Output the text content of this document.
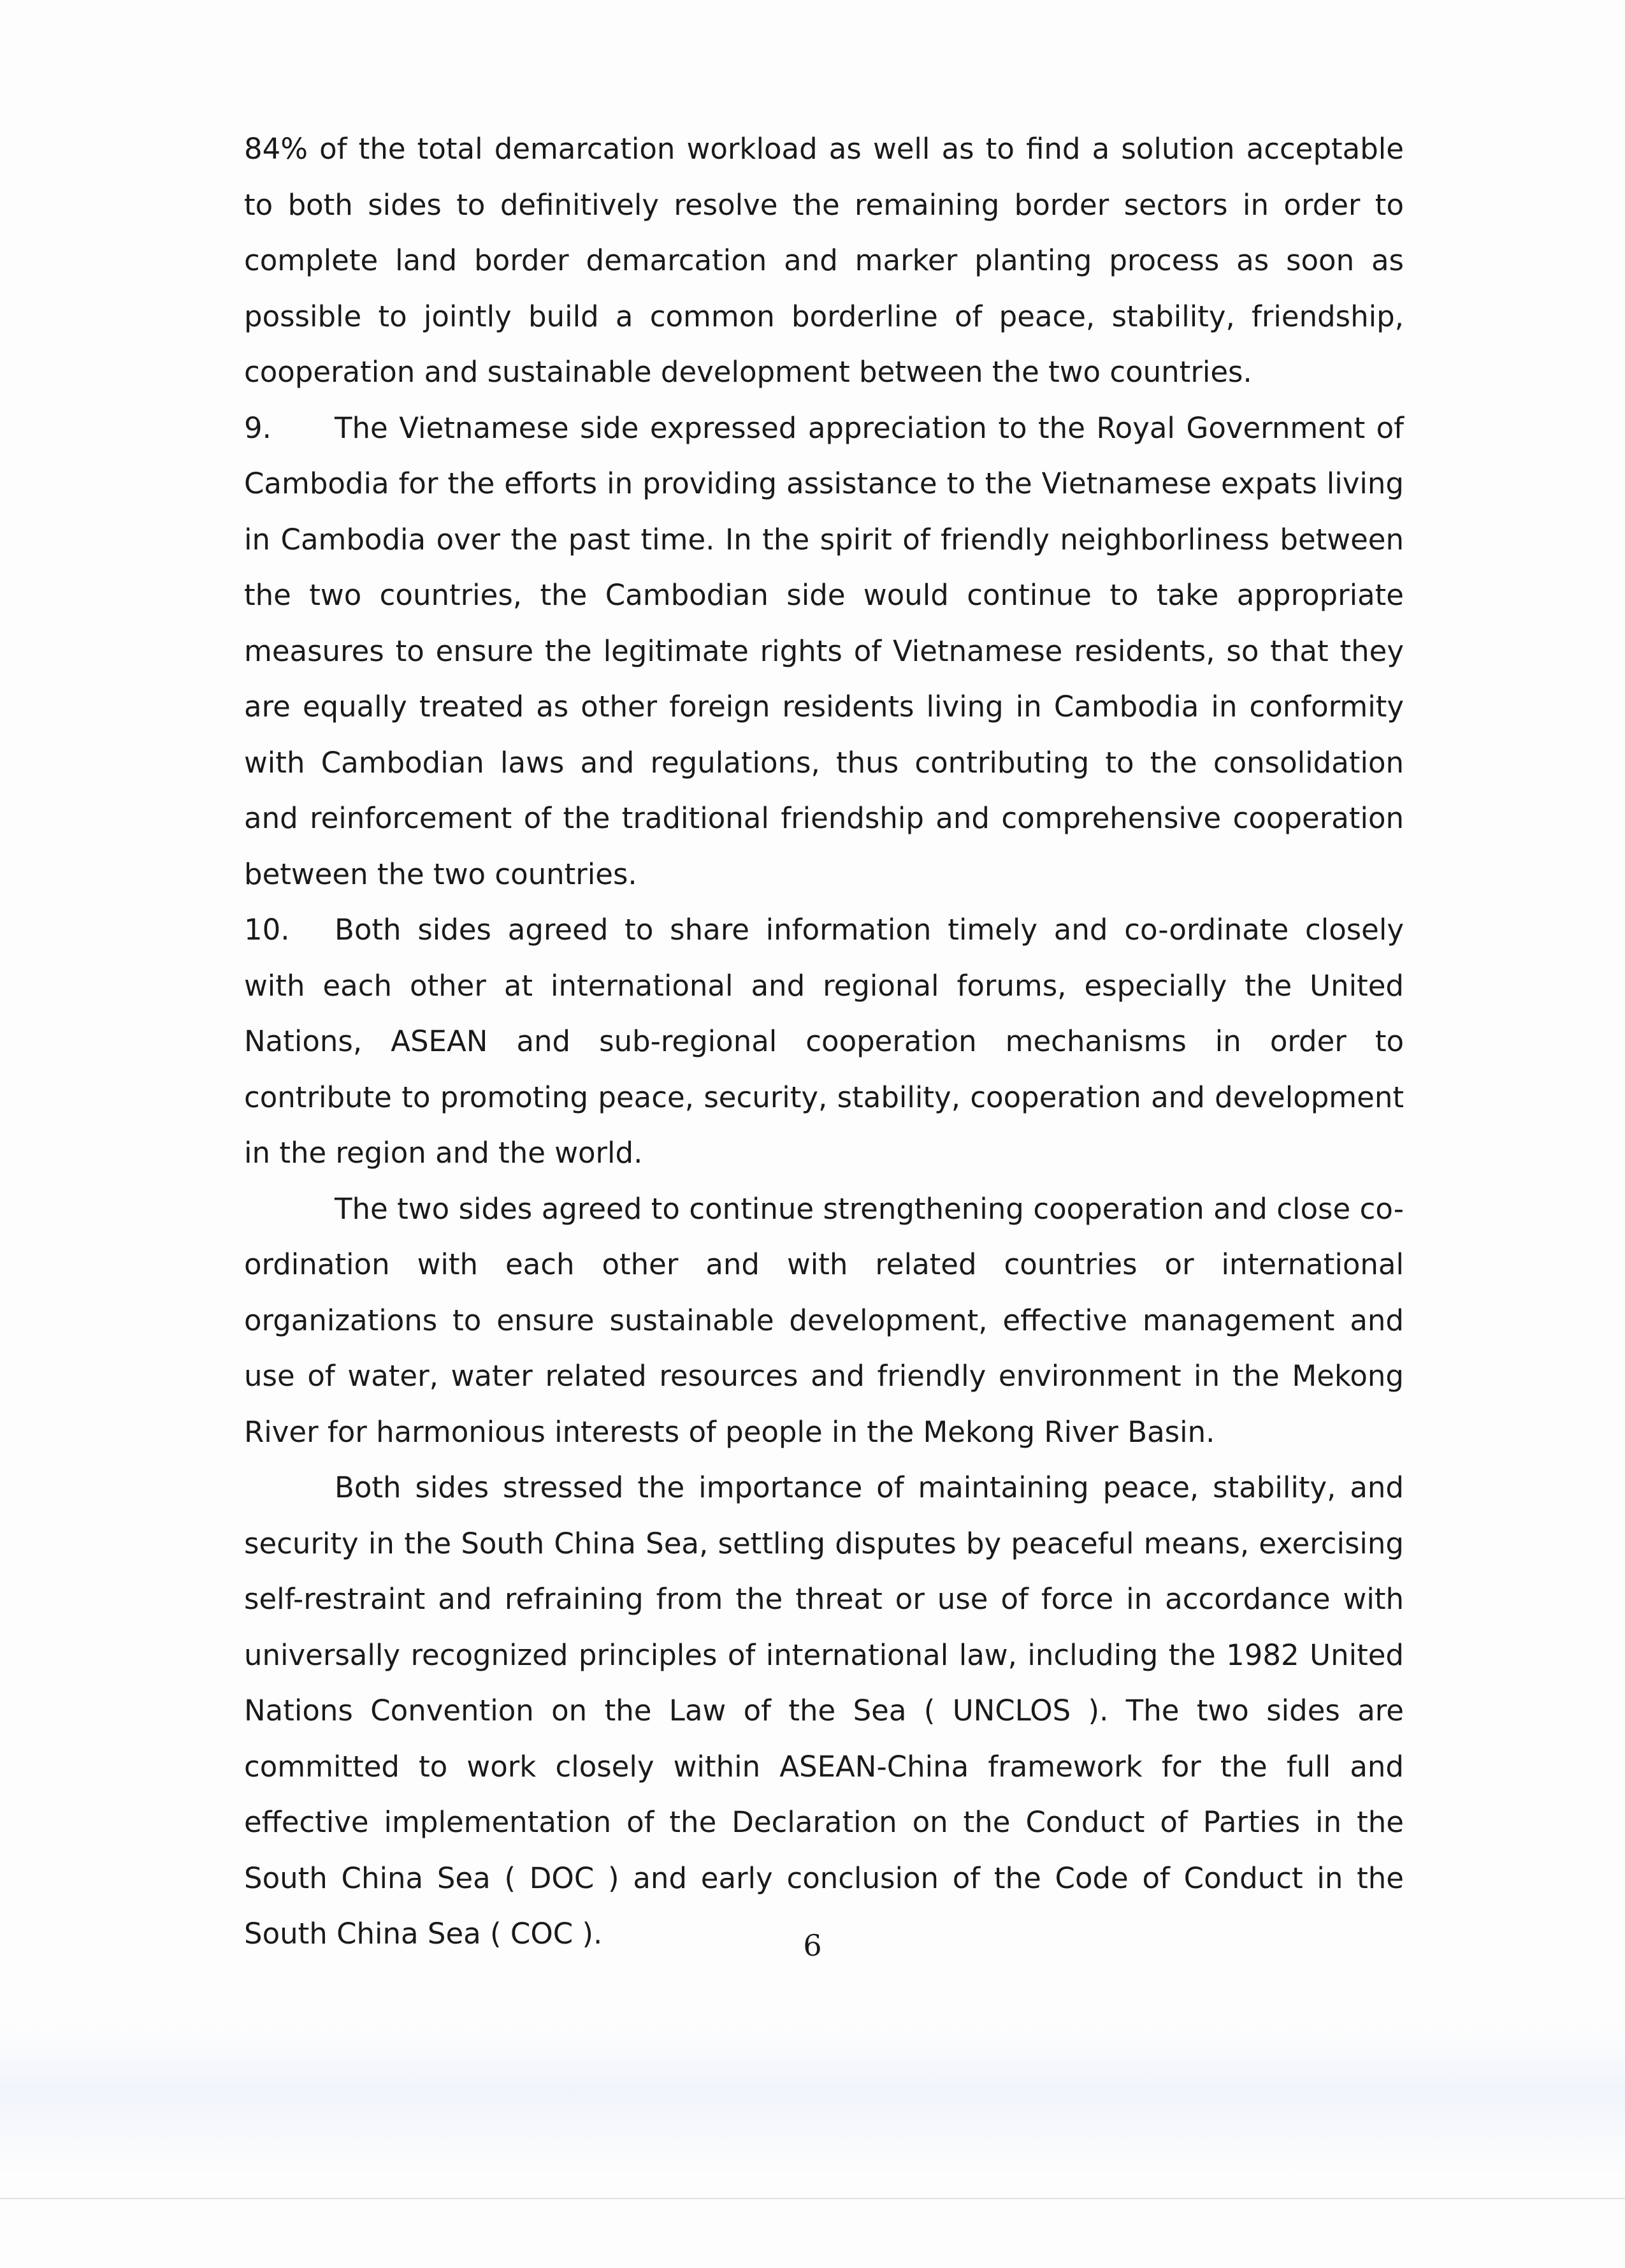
84% of the total demarcation workload as well as to find a solution acceptable to both sides to definitively resolve the remaining border sectors in order to complete land border demarcation and marker planting process as soon as possible to jointly build a common borderline of peace, stability, friendship, cooperation and sustainable development between the two countries.

9. The Vietnamese side expressed appreciation to the Royal Government of Cambodia for the efforts in providing assistance to the Vietnamese expats living in Cambodia over the past time. In the spirit of friendly neighborliness between the two countries, the Cambodian side would continue to take appropriate measures to ensure the legitimate rights of Vietnamese residents, so that they are equally treated as other foreign residents living in Cambodia in conformity with Cambodian laws and regulations, thus contributing to the consolidation and reinforcement of the traditional friendship and comprehensive cooperation between the two countries.

10. Both sides agreed to share information timely and co-ordinate closely with each other at international and regional forums, especially the United Nations, ASEAN and sub-regional cooperation mechanisms in order to contribute to promoting peace, security, stability, cooperation and development in the region and the world.

The two sides agreed to continue strengthening cooperation and close co-ordination with each other and with related countries or international organizations to ensure sustainable development, effective management and use of water, water related resources and friendly environment in the Mekong River for harmonious interests of people in the Mekong River Basin.

Both sides stressed the importance of maintaining peace, stability, and security in the South China Sea, settling disputes by peaceful means, exercising self-restraint and refraining from the threat or use of force in accordance with universally recognized principles of international law, including the 1982 United Nations Convention on the Law of the Sea ( UNCLOS ). The two sides are committed to work closely within ASEAN-China framework for the full and effective implementation of the Declaration on the Conduct of Parties in the South China Sea ( DOC ) and early conclusion of the Code of Conduct in the South China Sea ( COC ).	6
